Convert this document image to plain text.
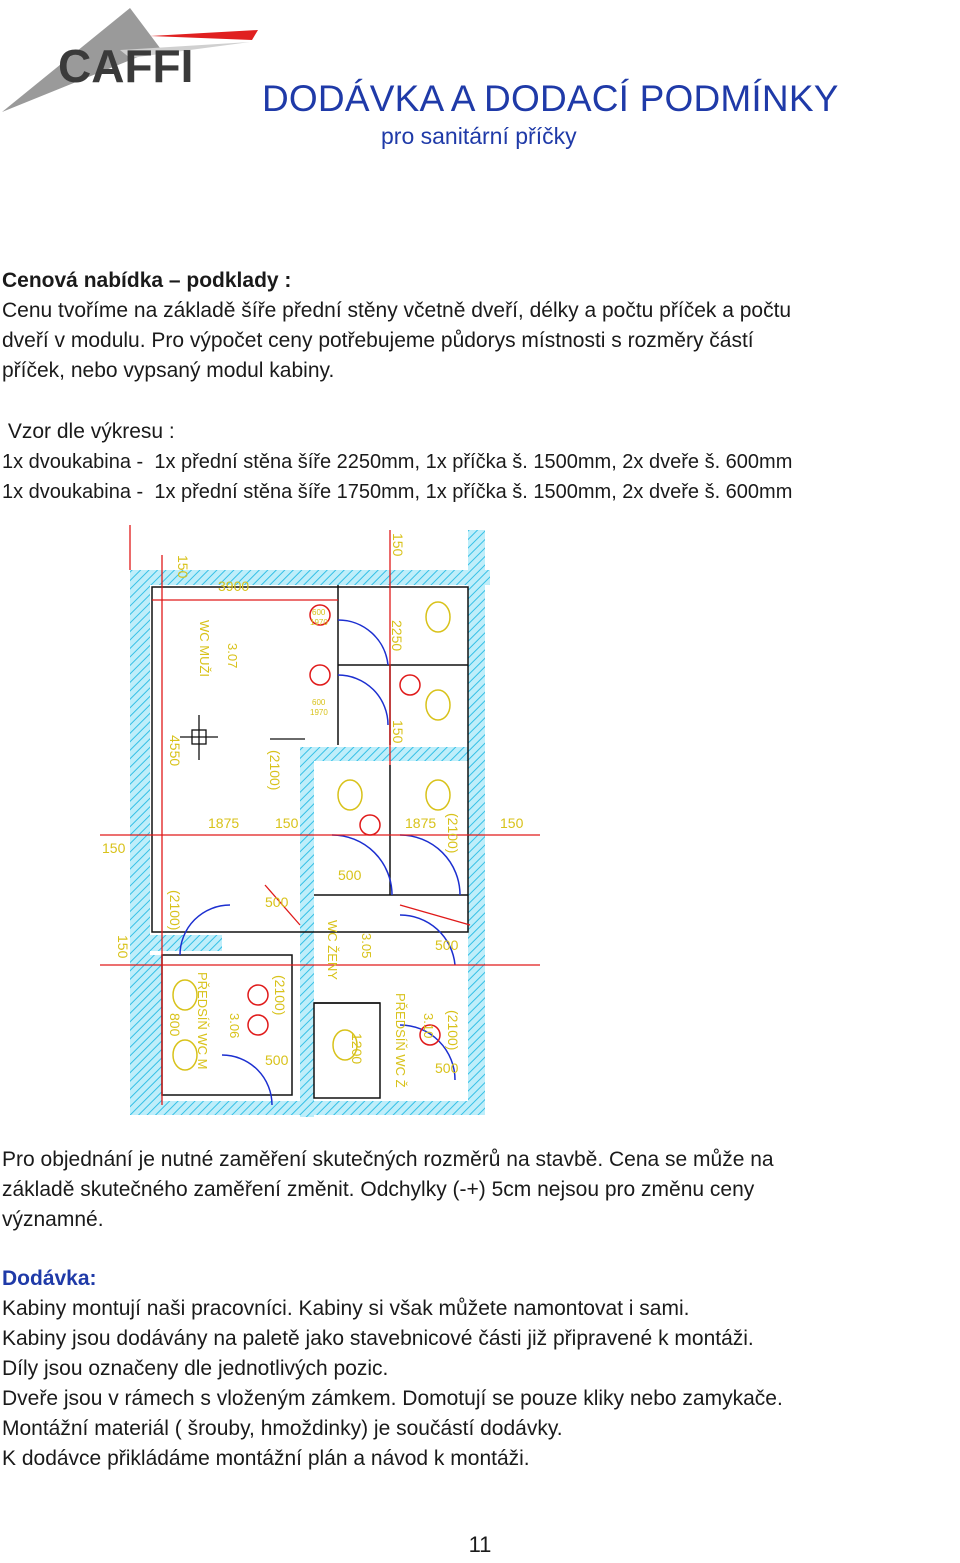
CAFFI
DODÁVKA A DODACÍ PODMÍNKY
pro sanitární příčky
Cenová nabídka – podklady :
Cenu tvoříme na základě šíře přední stěny včetně dveří, délky a počtu příček a počtu
dveří v modulu. Pro výpočet ceny potřebujeme půdorys místnosti s rozměry částí
příček, nebo vypsaný modul kabiny.
Vzor dle výkresu :
1x dvoukabina -  1x přední stěna šíře 2250mm, 1x příčka š. 1500mm, 2x dveře š. 600mm
1x dvoukabina -  1x přední stěna šíře 1750mm, 1x příčka š. 1500mm, 2x dveře š. 600mm
3900
1875	150	1875	150
150
500
500
500	500
500
150
150
150
150
2250
4550	(2100)
(2100)
(2100)
(2100)
(2100)
1200
800
WC MUŽI 3.07
WC ŽENY 3.05
PŘEDSÍŇ WC M 3.06	PŘEDSÍŇ WC Ž 3.10
600
1970
600
1970
Pro objednání je nutné zaměření skutečných rozměrů na stavbě. Cena se může na
základě skutečného zaměření změnit. Odchylky (-+) 5cm nejsou pro změnu ceny
významné.
Dodávka:
Kabiny montují naši pracovníci. Kabiny si však můžete namontovat i sami.
Kabiny jsou dodávány na paletě jako stavebnicové části již připravené k montáži.
Díly jsou označeny dle jednotlivých pozic.
Dveře jsou v rámech s vloženým zámkem. Domotují se pouze kliky nebo zamykače.
Montážní materiál ( šrouby, hmoždinky) je součástí dodávky.
K dodávce přikládáme montážní plán a návod k montáži.
11
